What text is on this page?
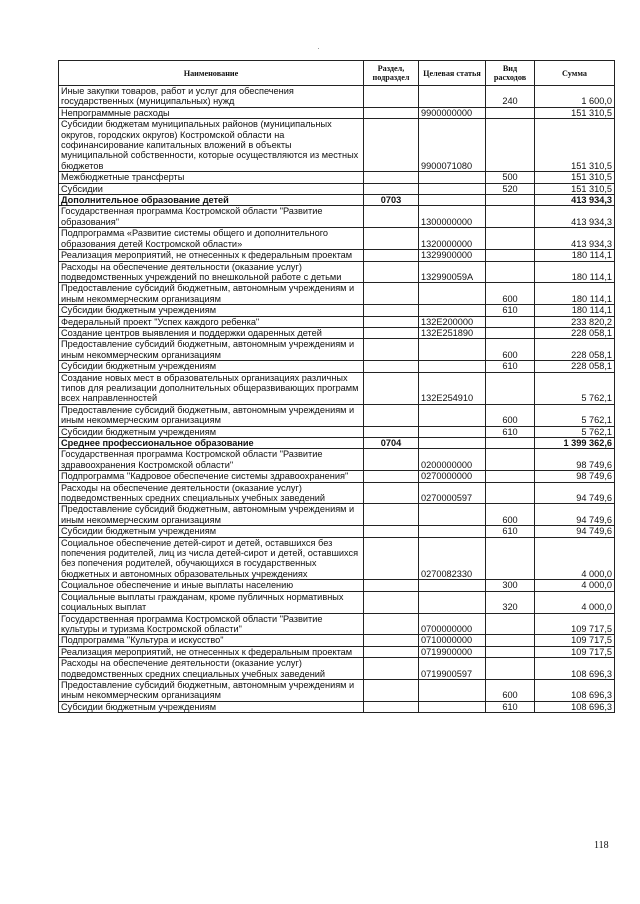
Наименование	Раздел, подраздел	Целевая статья	Вид расходов	Сумма
Иные закупки товаров, работ и услуг для обеспечения государственных (муниципальных) нужд			240	1 600,0
Непрограммные расходы		9900000000		151 310,5
Субсидии бюджетам муниципальных районов (муниципальных округов, городских округов) Костромской области на софинансирование капитальных вложений в объекты муниципальной собственности, которые осуществляются из местных бюджетов		9900071080		151 310,5
Межбюджетные трансферты			500	151 310,5
Субсидии			520	151 310,5
Дополнительное образование детей	0703			413 934,3
Государственная программа Костромской области "Развитие образования"		1300000000		413 934,3
Подпрограмма «Развитие системы общего и дополнительного образования детей Костромской области»		1320000000		413 934,3
Реализация мероприятий, не отнесенных к федеральным проектам		1329900000		180 114,1
Расходы на обеспечение деятельности (оказание услуг) подведомственных учреждений по внешкольной работе с детьми		132990059А		180 114,1
Предоставление субсидий бюджетным, автономным учреждениям и иным некоммерческим организациям			600	180 114,1
Субсидии бюджетным учреждениям			610	180 114,1
Федеральный проект "Успех каждого ребенка"		132E200000		233 820,2
Создание центров выявления и поддержки одаренных детей		132E251890		228 058,1
Предоставление субсидий бюджетным, автономным учреждениям и иным некоммерческим организациям			600	228 058,1
Субсидии бюджетным учреждениям			610	228 058,1
Создание новых мест в образовательных организациях различных типов для реализации дополнительных общеразвивающих программ всех направленностей		132E254910		5 762,1
Предоставление субсидий бюджетным, автономным учреждениям и иным некоммерческим организациям			600	5 762,1
Субсидии бюджетным учреждениям			610	5 762,1
Среднее профессиональное образование	0704			1 399 362,6
Государственная программа Костромской области "Развитие здравоохранения Костромской области"		0200000000		98 749,6
Подпрограмма "Кадровое обеспечение системы здравоохранения"		0270000000		98 749,6
Расходы на обеспечение деятельности (оказание услуг) подведомственных средних специальных учебных заведений		0270000597		94 749,6
Предоставление субсидий бюджетным, автономным учреждениям и иным некоммерческим организациям			600	94 749,6
Субсидии бюджетным учреждениям			610	94 749,6
Социальное обеспечение детей-сирот и детей, оставшихся без попечения родителей, лиц из числа детей-сирот и детей, оставшихся без попечения родителей, обучающихся в государственных бюджетных и автономных образовательных учреждениях		0270082330		4 000,0
Социальное обеспечение и иные выплаты населению			300	4 000,0
Социальные выплаты гражданам, кроме публичных нормативных социальных выплат			320	4 000,0
Государственная программа Костромской области "Развитие культуры и туризма Костромской области"		0700000000		109 717,5
Подпрограмма "Культура и искусство"		0710000000		109 717,5
Реализация мероприятий, не отнесенных к федеральным проектам		0719900000		109 717,5
Расходы на обеспечение деятельности (оказание услуг) подведомственных средних специальных учебных заведений		0719900597		108 696,3
Предоставление субсидий бюджетным, автономным учреждениям и иным некоммерческим организациям			600	108 696,3
Субсидии бюджетным учреждениям			610	108 696,3
118
